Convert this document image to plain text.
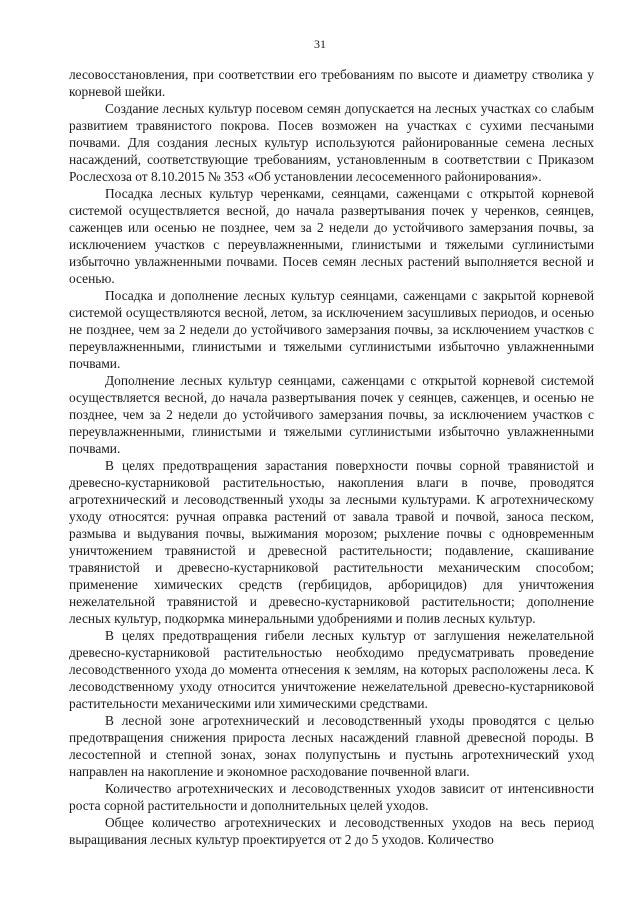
31

лесовосстановления, при соответствии его требованиям по высоте и диаметру стволика у корневой шейки.

Создание лесных культур посевом семян допускается на лесных участках со слабым развитием травянистого покрова. Посев возможен на участках с сухими песчаными почвами. Для создания лесных культур используются районированные семена лесных насаждений, соответствующие требованиям, установленным в соответствии с Приказом Рослесхоза от 8.10.2015 № 353 «Об установлении лесосеменного районирования».

Посадка лесных культур черенками, сеянцами, саженцами с открытой корневой системой осуществляется весной, до начала развертывания почек у черенков, сеянцев, саженцев или осенью не позднее, чем за 2 недели до устойчивого замерзания почвы, за исключением участков с переувлажненными, глинистыми и тяжелыми суглинистыми избыточно увлажненными почвами. Посев семян лесных растений выполняется весной и осенью.

Посадка и дополнение лесных культур сеянцами, саженцами с закрытой корневой системой осуществляются весной, летом, за исключением засушливых периодов, и осенью не позднее, чем за 2 недели до устойчивого замерзания почвы, за исключением участков с переувлажненными, глинистыми и тяжелыми суглинистыми избыточно увлажненными почвами.

Дополнение лесных культур сеянцами, саженцами с открытой корневой системой осуществляется весной, до начала развертывания почек у сеянцев, саженцев, и осенью не позднее, чем за 2 недели до устойчивого замерзания почвы, за исключением участков с переувлажненными, глинистыми и тяжелыми суглинистыми избыточно увлажненными почвами.

В целях предотвращения зарастания поверхности почвы сорной травянистой и древесно-кустарниковой растительностью, накопления влаги в почве, проводятся агротехнический и лесоводственный уходы за лесными культурами. К агротехническому уходу относятся: ручная оправка растений от завала травой и почвой, заноса песком, размыва и выдувания почвы, выжимания морозом; рыхление почвы с одновременным уничтожением травянистой и древесной растительности; подавление, скашивание травянистой и древесно-кустарниковой растительности механическим способом; применение химических средств (гербицидов, арборицидов) для уничтожения нежелательной травянистой и древесно-кустарниковой растительности; дополнение лесных культур, подкормка минеральными удобрениями и полив лесных культур.

В целях предотвращения гибели лесных культур от заглушения нежелательной древесно-кустарниковой растительностью необходимо предусматривать проведение лесоводственного ухода до момента отнесения к землям, на которых расположены леса. К лесоводственному уходу относится уничтожение нежелательной древесно-кустарниковой растительности механическими или химическими средствами.

В лесной зоне агротехнический и лесоводственный уходы проводятся с целью предотвращения снижения прироста лесных насаждений главной древесной породы. В лесостепной и степной зонах, зонах полупустынь и пустынь агротехнический уход направлен на накопление и экономное расходование почвенной влаги.

Количество агротехнических и лесоводственных уходов зависит от интенсивности роста сорной растительности и дополнительных целей уходов.

Общее количество агротехнических и лесоводственных уходов на весь период выращивания лесных культур проектируется от 2 до 5 уходов. Количество
